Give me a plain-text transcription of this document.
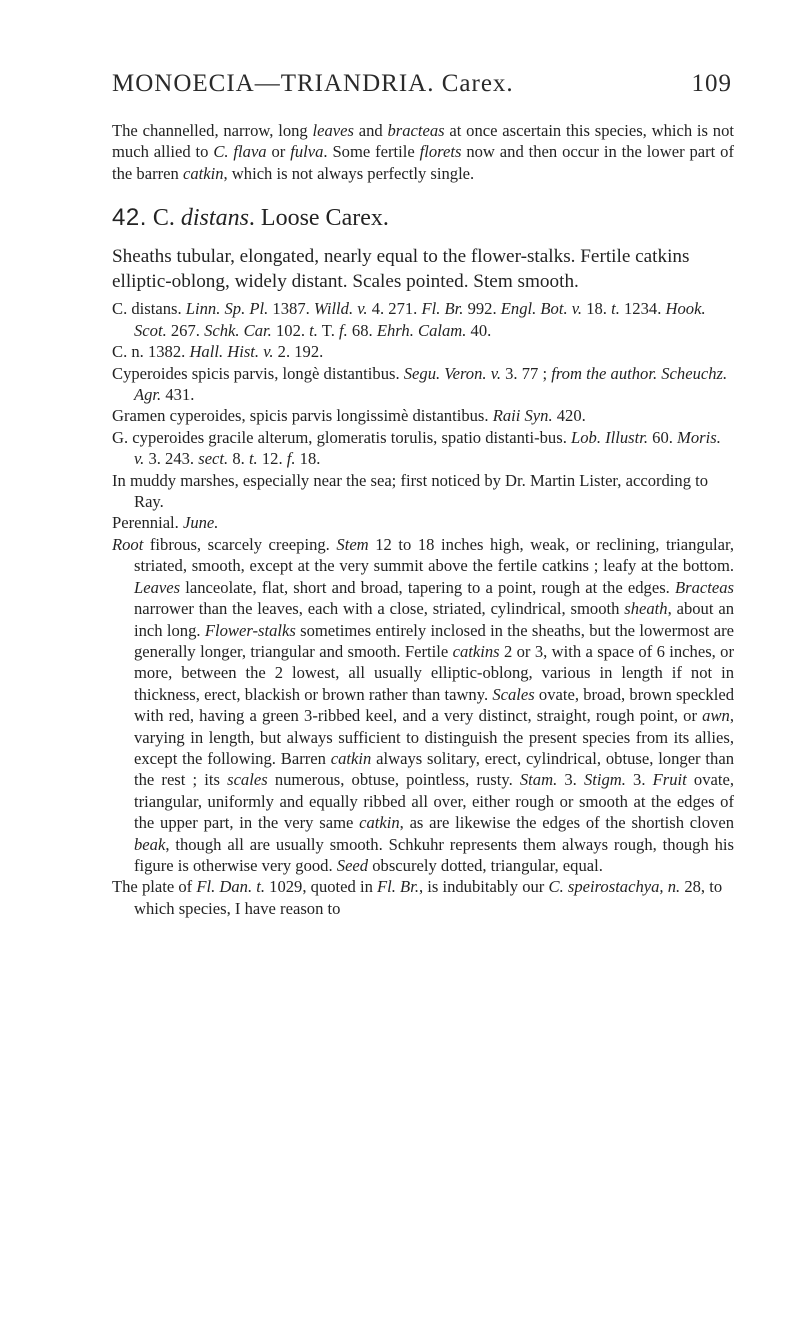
MONOECIA—TRIANDRIA. Carex.	109

The channelled, narrow, long leaves and bracteas at once ascertain this species, which is not much allied to C. flava or fulva. Some fertile florets now and then occur in the lower part of the barren catkin, which is not always perfectly single.

42. C. distans. Loose Carex.

Sheaths tubular, elongated, nearly equal to the flower-stalks. Fertile catkins elliptic-oblong, widely distant. Scales pointed. Stem smooth.

C. distans. Linn. Sp. Pl. 1387. Willd. v. 4. 271. Fl. Br. 992. Engl. Bot. v. 18. t. 1234. Hook. Scot. 267. Schk. Car. 102. t. T. f. 68. Ehrh. Calam. 40.

C. n. 1382. Hall. Hist. v. 2. 192.

Cyperoides spicis parvis, longè distantibus. Segu. Veron. v. 3. 77 ; from the author. Scheuchz. Agr. 431.

Gramen cyperoides, spicis parvis longissimè distantibus. Raii Syn. 420.

G. cyperoides gracile alterum, glomeratis torulis, spatio distanti-bus. Lob. Illustr. 60. Moris. v. 3. 243. sect. 8. t. 12. f. 18.

In muddy marshes, especially near the sea; first noticed by Dr. Martin Lister, according to Ray.

Perennial. June.

Root fibrous, scarcely creeping. Stem 12 to 18 inches high, weak, or reclining, triangular, striated, smooth, except at the very summit above the fertile catkins ; leafy at the bottom. Leaves lanceolate, flat, short and broad, tapering to a point, rough at the edges. Bracteas narrower than the leaves, each with a close, striated, cylindrical, smooth sheath, about an inch long. Flower-stalks sometimes entirely inclosed in the sheaths, but the lowermost are generally longer, triangular and smooth. Fertile catkins 2 or 3, with a space of 6 inches, or more, between the 2 lowest, all usually elliptic-oblong, various in length if not in thickness, erect, blackish or brown rather than tawny. Scales ovate, broad, brown speckled with red, having a green 3-ribbed keel, and a very distinct, straight, rough point, or awn, varying in length, but always sufficient to distinguish the present species from its allies, except the following. Barren catkin always solitary, erect, cylindrical, obtuse, longer than the rest ; its scales numerous, obtuse, pointless, rusty. Stam. 3. Stigm. 3. Fruit ovate, triangular, uniformly and equally ribbed all over, either rough or smooth at the edges of the upper part, in the very same catkin, as are likewise the edges of the shortish cloven beak, though all are usually smooth. Schkuhr represents them always rough, though his figure is otherwise very good. Seed obscurely dotted, triangular, equal.

The plate of Fl. Dan. t. 1029, quoted in Fl. Br., is indubitably our C. speirostachya, n. 28, to which species, I have reason to
